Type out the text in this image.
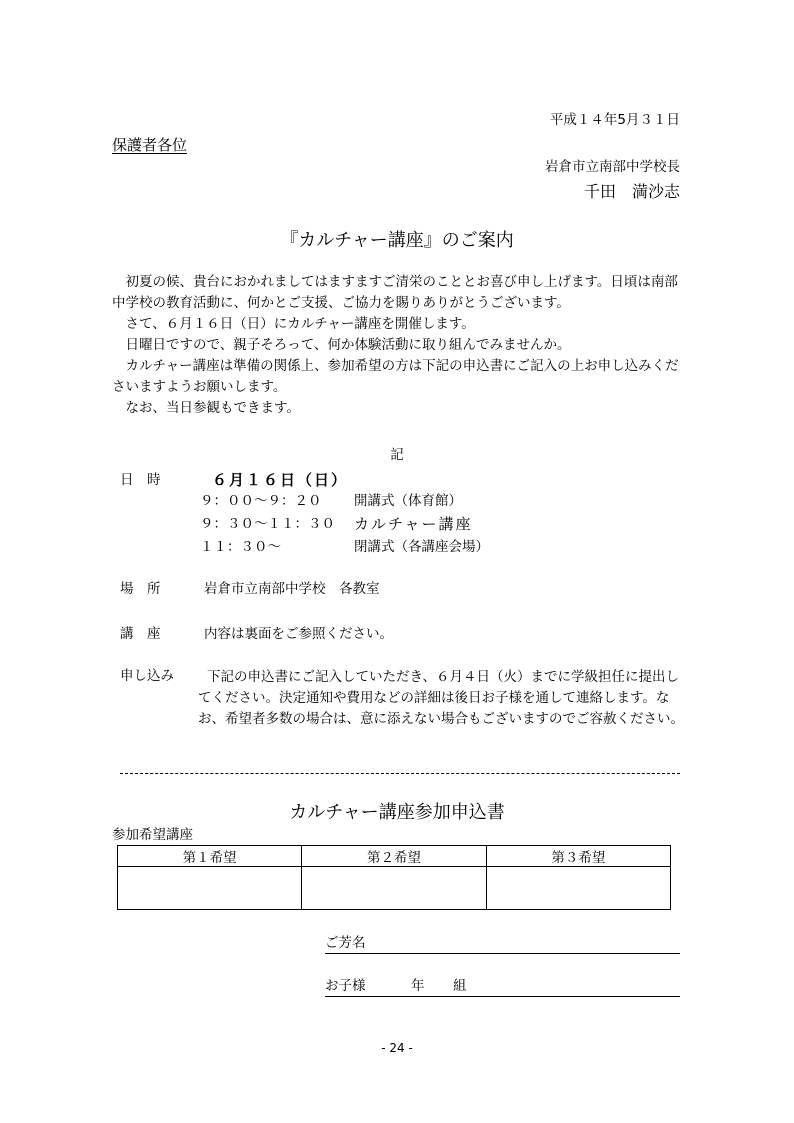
平成１４年5月３１日
保護者各位
岩倉市立南部中学校長
千田　満沙志
『カルチャー講座』のご案内

初夏の候、貴台におかれましてはますますご清栄のこととお喜び申し上げます。日頃は南部中学校の教育活動に、何かとご支援、ご協力を賜りありがとうございます。

さて、６月１６日（日）にカルチャー講座を開催します。

日曜日ですので、親子そろって、何か体験活動に取り組んでみませんか。

カルチャー講座は準備の関係上、参加希望の方は下記の申込書にご記入の上お申し込みくださいますようお願いします。

なお、当日参観もできます。

記
日　時	６月１６日（日）
９：００～９：２０ 開講式（体育館）
９：３０～１１：３０ カルチャー講座
１１：３０～	閉講式（各講座会場）
場　所	岩倉市立南部中学校　各教室
講　座	内容は裏面をご参照ください。
申し込み	下記の申込書にご記入していただき、６月４日（火）までに学級担任に提出してください。決定通知や費用などの詳細は後日お子様を通して連絡します。なお、希望者多数の場合は、意に添えない場合もございますのでご容赦ください。
カルチャー講座参加申込書
参加希望講座
第１希望	第２希望	第３希望

ご芳名
お子様	年 組
- 24 -
